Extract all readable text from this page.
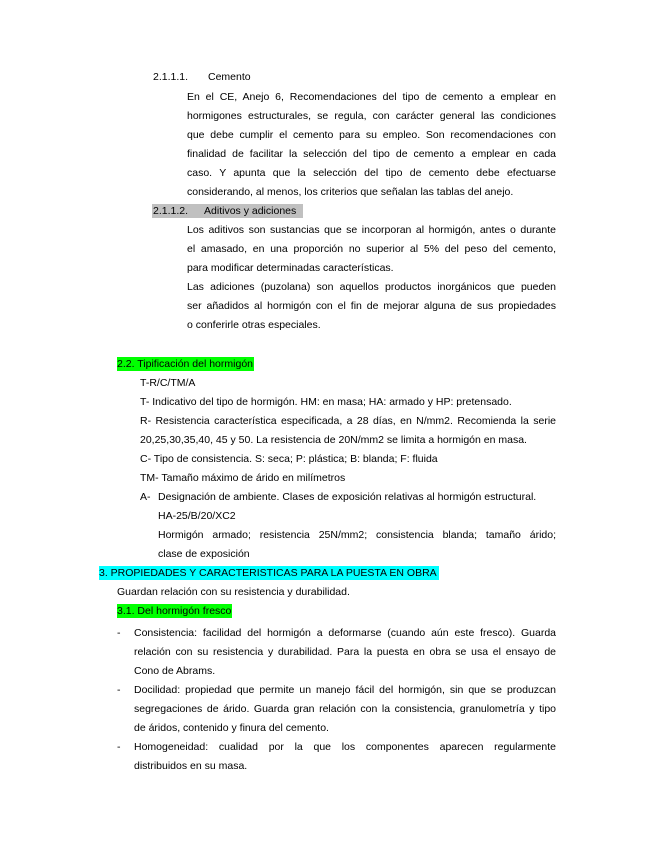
2.1.1.1. Cemento
En el CE, Anejo 6, Recomendaciones del tipo de cemento a emplear en
hormigones estructurales, se regula, con carácter general las condiciones
que debe cumplir el cemento para su empleo. Son recomendaciones con
finalidad de facilitar la selección del tipo de cemento a emplear en cada
caso. Y apunta que la selección del tipo de cemento debe efectuarse
considerando, al menos, los criterios que señalan las tablas del anejo.
2.1.1.2. Aditivos y adiciones
Los aditivos son sustancias que se incorporan al hormigón, antes o durante
el amasado, en una proporción no superior al 5% del peso del cemento,
para modificar determinadas características.
Las adiciones (puzolana) son aquellos productos inorgánicos que pueden
ser añadidos al hormigón con el fin de mejorar alguna de sus propiedades
o conferirle otras especiales.
2.2. Tipificación del hormigón
T-R/C/TM/A
T- Indicativo del tipo de hormigón. HM: en masa; HA: armado y HP: pretensado.
R- Resistencia característica especificada, a 28 días, en N/mm2. Recomienda la serie
20,25,30,35,40, 45 y 50. La resistencia de 20N/mm2 se limita a hormigón en masa.
C- Tipo de consistencia. S: seca; P: plástica; B: blanda; F: fluida
TM- Tamaño máximo de árido en milímetros
A- Designación de ambiente. Clases de exposición relativas al hormigón estructural.
HA-25/B/20/XC2
Hormigón armado; resistencia 25N/mm2; consistencia blanda; tamaño árido;
clase de exposición
3. PROPIEDADES Y CARACTERISTICAS PARA LA PUESTA EN OBRA
Guardan relación con su resistencia y durabilidad.
3.1. Del hormigón fresco
- Consistencia: facilidad del hormigón a deformarse (cuando aún este fresco). Guarda
relación con su resistencia y durabilidad. Para la puesta en obra se usa el ensayo de
Cono de Abrams.
- Docilidad: propiedad que permite un manejo fácil del hormigón, sin que se produzcan
segregaciones de árido. Guarda gran relación con la consistencia, granulometría y tipo
de áridos, contenido y finura del cemento.
- Homogeneidad: cualidad por la que los componentes aparecen regularmente
distribuidos en su masa.
